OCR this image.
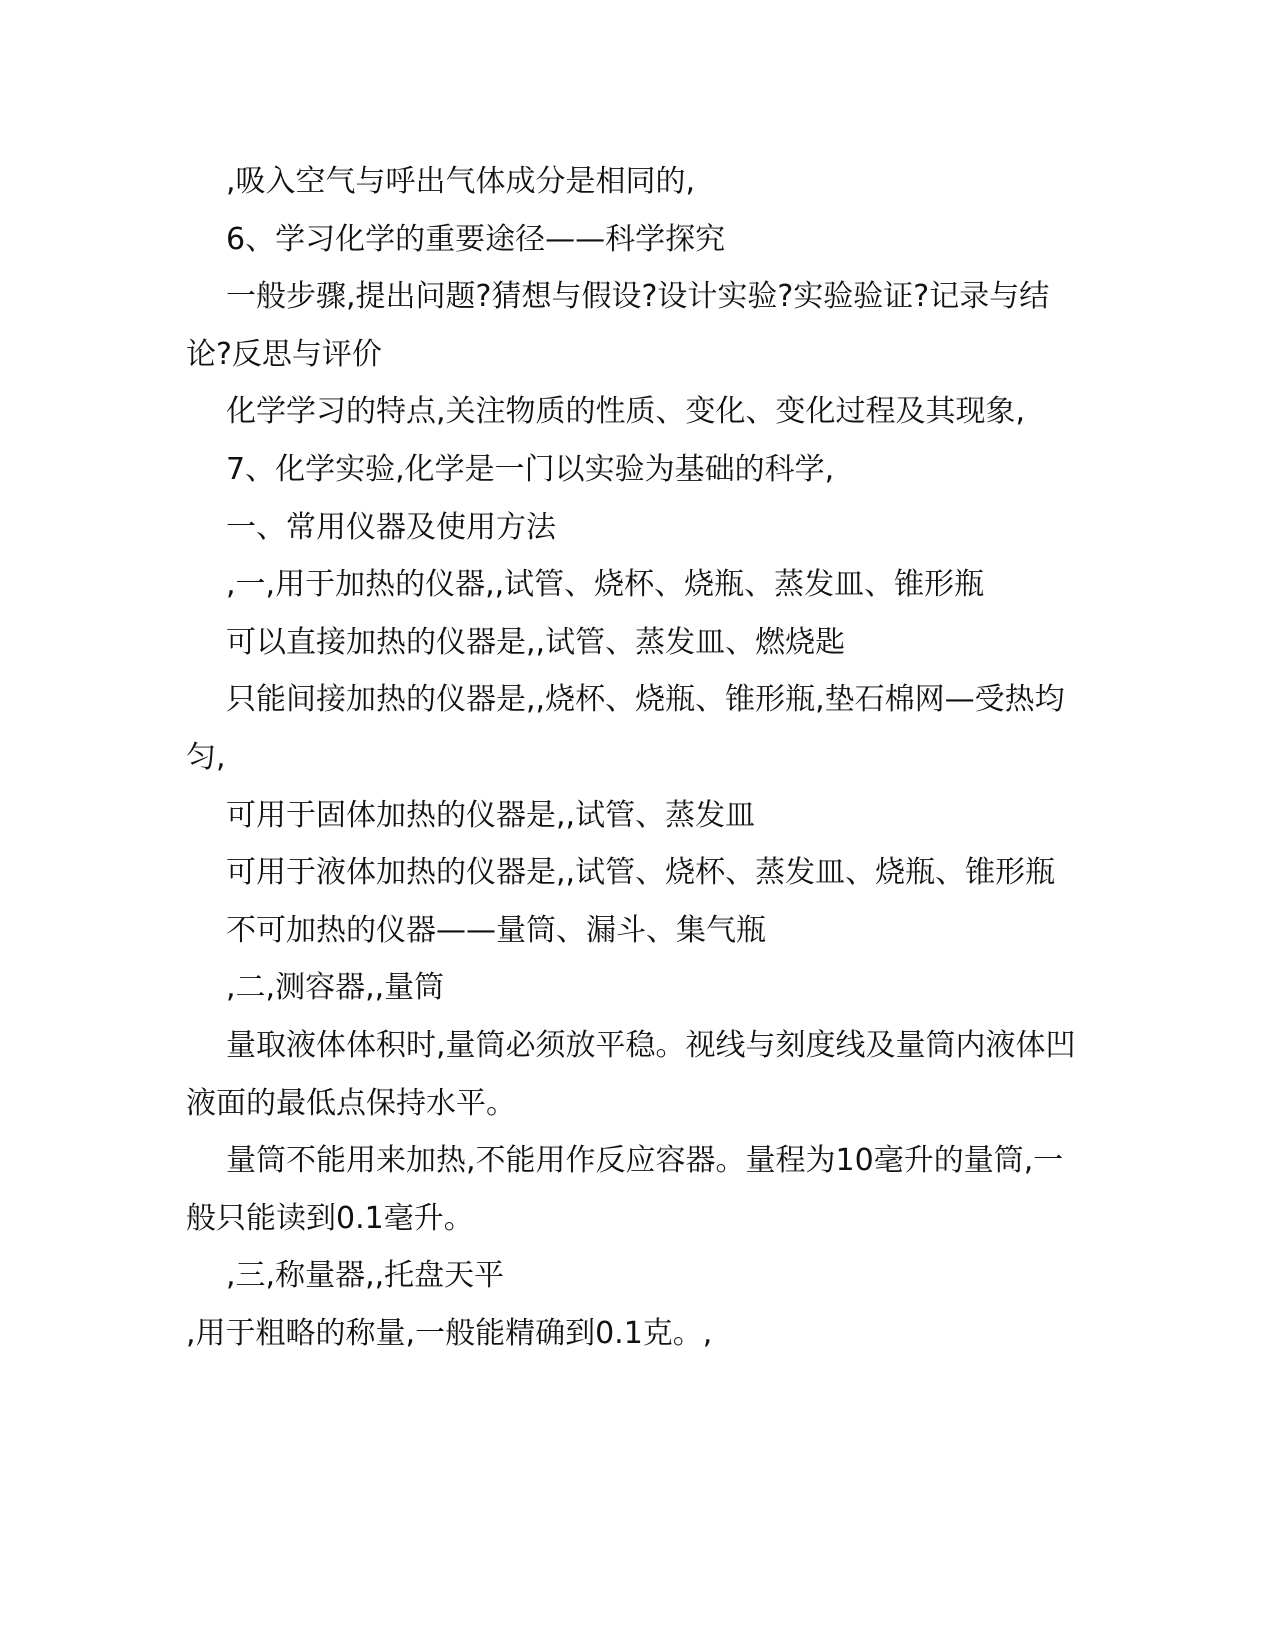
,吸入空气与呼出气体成分是相同的,

6、学习化学的重要途径——科学探究

一般步骤,提出问题?猜想与假设?设计实验?实验验证?记录与结论?反思与评价

化学学习的特点,关注物质的性质、变化、变化过程及其现象,

7、化学实验,化学是一门以实验为基础的科学,

一、常用仪器及使用方法

,一,用于加热的仪器,,试管、烧杯、烧瓶、蒸发皿、锥形瓶

可以直接加热的仪器是,,试管、蒸发皿、燃烧匙

只能间接加热的仪器是,,烧杯、烧瓶、锥形瓶,垫石棉网—受热均匀,

可用于固体加热的仪器是,,试管、蒸发皿

可用于液体加热的仪器是,,试管、烧杯、蒸发皿、烧瓶、锥形瓶

不可加热的仪器——量筒、漏斗、集气瓶

,二,测容器,,量筒

量取液体体积时,量筒必须放平稳。视线与刻度线及量筒内液体凹液面的最低点保持水平。

量筒不能用来加热,不能用作反应容器。量程为10毫升的量筒,一般只能读到0.1毫升。

,三,称量器,,托盘天平

,用于粗略的称量,一般能精确到0.1克。,
